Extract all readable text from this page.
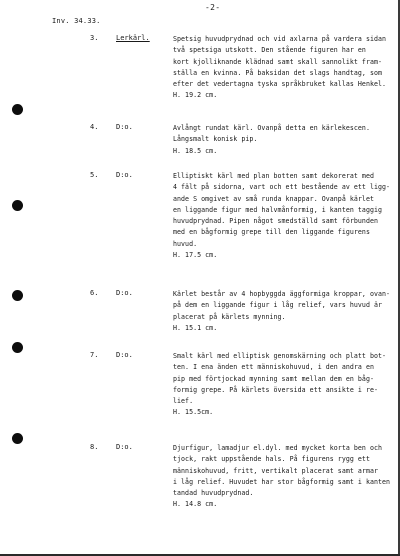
-2-
Inv. 34.33.
3.	Lerkärl.	Spetsig huvudprydnad och vid axlarna på vardera sidan
två spetsiga utskott. Den stående figuren har en
kort kjolliknande klädnad samt skall sannolikt fram-
ställa en kvinna. På baksidan det slags handtag, som
efter det vedertagna tyska språkbruket kallas Henkel.
H. 19.2 cm.
4.	D:o.	Avlångt rundat kärl. Ovanpå detta en kärlekescen.
Långsmalt konisk pip.
H. 18.5 cm.
5.	D:o.	Elliptiskt kärl med plan botten samt dekorerat med
4 fält på sidorna, vart och ett bestående av ett ligg-
ande S omgivet av små runda knappar. Ovanpå kärlet
en liggande figur med halvmånformig, i kanten taggig
huvudprydnad. Pipen något smedställd samt förbunden
med en bågformig grepe till den liggande figurens
huvud.
H. 17.5 cm.
6.	D:o.	Kärlet består av 4 hopbyggda äggformiga kroppar, ovan-
på dem en liggande figur i låg relief, vars huvud är
placerat på kärlets mynning.
H. 15.1 cm.
7.	D:o.	Smalt kärl med elliptisk genomskärning och platt bot-
ten. I ena änden ett människohuvud, i den andra en
pip med förtjockad mynning samt mellan dem en båg-
formig grepe. På kärlets översida ett ansikte i re-
lief.
H. 15.5cm.
8.	D:o.	Djurfigur, lamadjur el.dyl. med mycket korta ben och
tjock, rakt uppstående hals. På figurens rygg ett
människohuvud, fritt, vertikalt placerat samt armar
i låg relief. Huvudet har stor bågformig samt i kanten
tandad huvudprydnad.
H. 14.8 cm.
